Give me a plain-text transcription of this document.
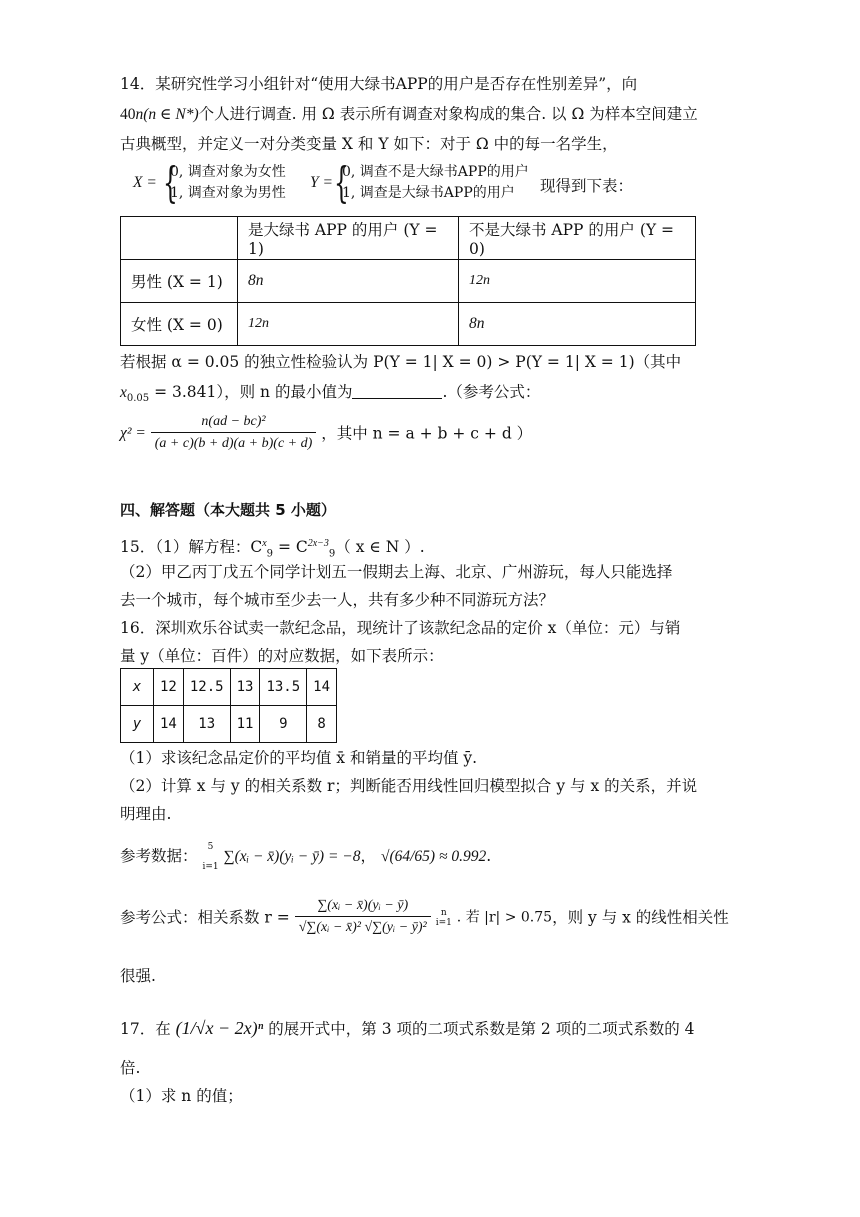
14．某研究性学习小组针对“使用大绿书APP的用户是否存在性别差异”，向
40n(n ∈ N*)个人进行调查. 用 Ω 表示所有调查对象构成的集合. 以 Ω 为样本空间建立
古典概型，并定义一对分类变量 X 和 Y 如下：对于 Ω 中的每一名学生，
X = {
0, 调查对象为女性
1, 调查对象为男性
Y = {
0, 调查不是大绿书APP的用户
1, 调查是大绿书APP的用户 现得到下表：
	是大绿书 APP 的用户 (Y = 1)	不是大绿书 APP 的用户 (Y = 0)
男性 (X = 1)	8n	12n
女性 (X = 0)	12n	8n
若根据 α = 0.05 的独立性检验认为 P(Y = 1| X = 0) > P(Y = 1| X = 1)（其中
$x_{0.05} = 3.841$），则 n 的最小值为	.（参考公式：
$\chi^2 = \frac{\text{n(ad − bc)²}}{(a + c)(b + d)(a + b)(c + d)}$ ，其中 n = a + b + c + d ）
四、解答题（本大题共 5 小题）
15．（1）解方程：$C^x_9 = C^{2x-3}_9$（ x ∈ N ）.
（2）甲乙丙丁戊五个同学计划五一假期去上海、北京、广州游玩，每人只能选择
去一个城市，每个城市至少去一人，共有多少种不同游玩方法？
16．深圳欢乐谷试卖一款纪念品，现统计了该款纪念品的定价 x（单位：元）与销
量 y（单位：百件）的对应数据，如下表所示：
x	12	12.5	13	13.5	14
y	14	13	11	9	8
（1）求该纪念品定价的平均值 x̄ 和销量的平均值 ȳ.
（2）计算 x 与 y 的相关系数 r；判断能否用线性回归模型拟合 y 与 x 的关系，并说
明理由.
参考数据：	5
i=1
∑(xᵢ − x̄)(yᵢ − ȳ) = −8， √(64/65) ≈ 0.992.
参考公式：相关系数 $r = \frac{\text{∑(xᵢ − x̄)(yᵢ − ȳ)}}{\text{√∑(xᵢ − x̄)² √∑(yᵢ − ȳ)²}}$
	n
i=1 . 若 |r| > 0.75，则 y 与 x 的线性相关性
很强.
17．在 (1/√x − 2x)ⁿ 的展开式中，第 3 项的二项式系数是第 2 项的二项式系数的 4
倍.
（1）求 n 的值；
